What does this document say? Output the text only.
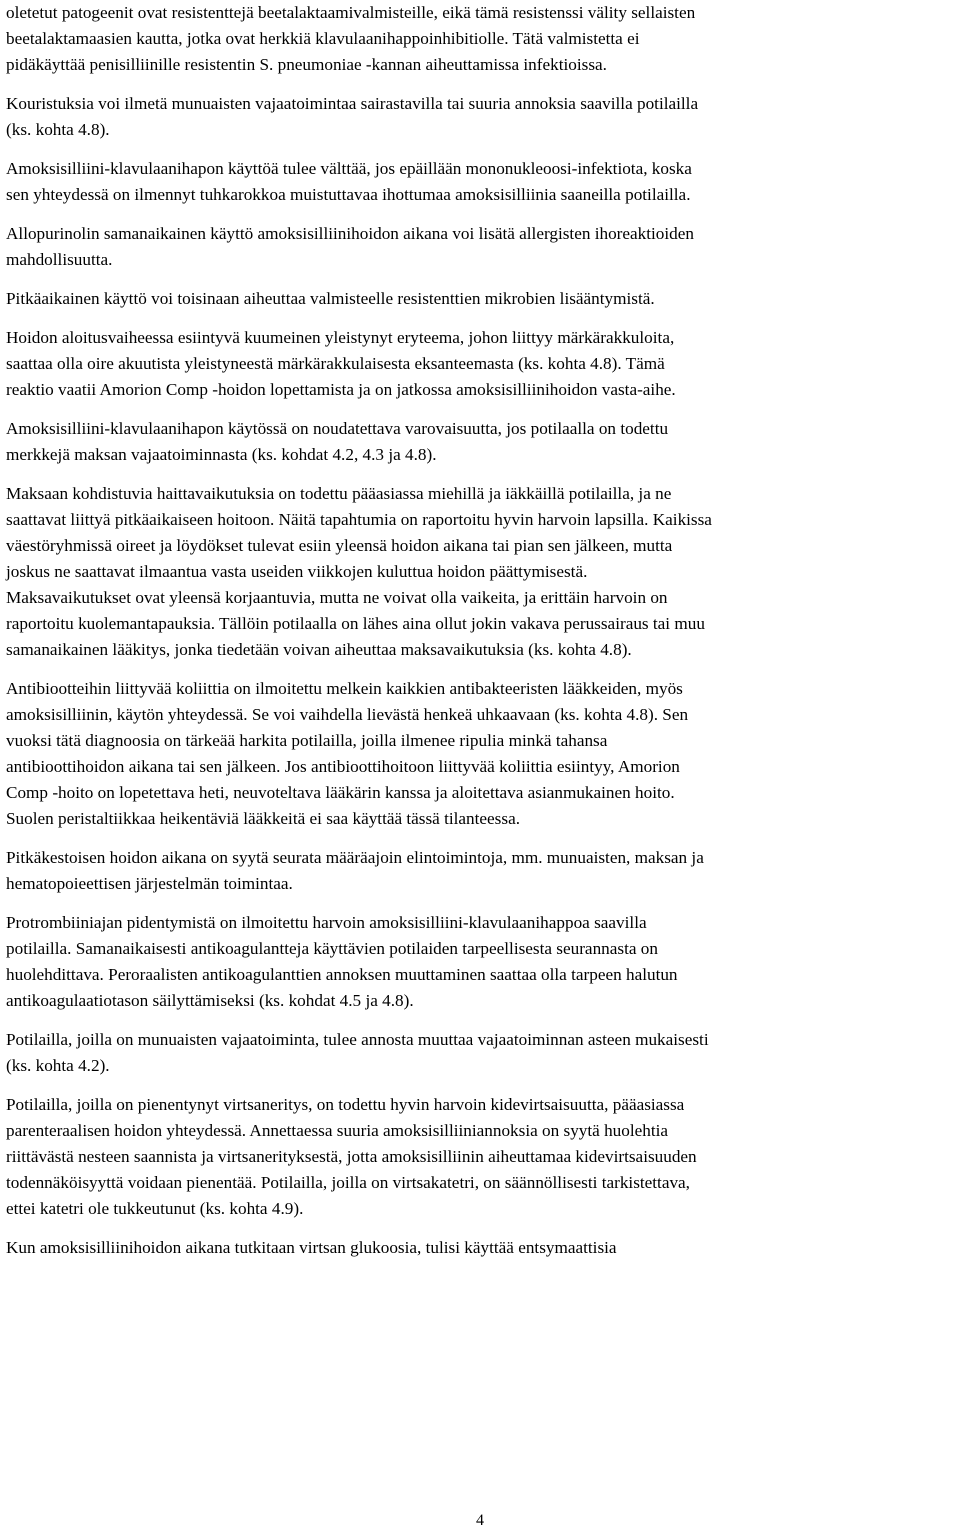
oletetut patogeenit ovat resistenttejä beetalaktaamivalmisteille, eikä tämä resistenssi välity sellaisten
beetalaktamaasien kautta, jotka ovat herkkiä klavulaanihappoinhibitiolle. Tätä valmistetta ei
pidäkäyttää penisilliinille resistentin S. pneumoniae -kannan aiheuttamissa infektioissa.

Kouristuksia voi ilmetä munuaisten vajaatoimintaa sairastavilla tai suuria annoksia saavilla potilailla
(ks. kohta 4.8).

Amoksisilliini-klavulaanihapon käyttöä tulee välttää, jos epäillään mononukleoosi-infektiota, koska
sen yhteydessä on ilmennyt tuhkarokkoa muistuttavaa ihottumaa amoksisilliinia saaneilla potilailla.

Allopurinolin samanaikainen käyttö amoksisilliinihoidon aikana voi lisätä allergisten ihoreaktioiden
mahdollisuutta.

Pitkäaikainen käyttö voi toisinaan aiheuttaa valmisteelle resistenttien mikrobien lisääntymistä.

Hoidon aloitusvaiheessa esiintyvä kuumeinen yleistynyt eryteema, johon liittyy märkärakkuloita,
saattaa olla oire akuutista yleistyneestä märkärakkulaisesta eksanteemasta (ks. kohta 4.8). Tämä
reaktio vaatii Amorion Comp -hoidon lopettamista ja on jatkossa amoksisilliinihoidon vasta-aihe.

Amoksisilliini-klavulaanihapon käytössä on noudatettava varovaisuutta, jos potilaalla on todettu
merkkejä maksan vajaatoiminnasta (ks. kohdat 4.2, 4.3 ja 4.8).

Maksaan kohdistuvia haittavaikutuksia on todettu pääasiassa miehillä ja iäkkäillä potilailla, ja ne
saattavat liittyä pitkäaikaiseen hoitoon. Näitä tapahtumia on raportoitu hyvin harvoin lapsilla. Kaikissa
väestöryhmissä oireet ja löydökset tulevat esiin yleensä hoidon aikana tai pian sen jälkeen, mutta
joskus ne saattavat ilmaantua vasta useiden viikkojen kuluttua hoidon päättymisestä.

Maksavaikutukset ovat yleensä korjaantuvia, mutta ne voivat olla vaikeita, ja erittäin harvoin on
raportoitu kuolemantapauksia. Tällöin potilaalla on lähes aina ollut jokin vakava perussairaus tai muu
samanaikainen lääkitys, jonka tiedetään voivan aiheuttaa maksavaikutuksia (ks. kohta 4.8).

Antibiootteihin liittyvää koliittia on ilmoitettu melkein kaikkien antibakteeristen lääkkeiden, myös
amoksisilliinin, käytön yhteydessä. Se voi vaihdella lievästä henkeä uhkaavaan (ks. kohta 4.8). Sen
vuoksi tätä diagnoosia on tärkeää harkita potilailla, joilla ilmenee ripulia minkä tahansa
antibioottihoidon aikana tai sen jälkeen. Jos antibioottihoitoon liittyvää koliittia esiintyy, Amorion
Comp -hoito on lopetettava heti, neuvoteltava lääkärin kanssa ja aloitettava asianmukainen hoito.
Suolen peristaltiikkaa heikentäviä lääkkeitä ei saa käyttää tässä tilanteessa.

Pitkäkestoisen hoidon aikana on syytä seurata määräajoin elintoimintoja, mm. munuaisten, maksan ja
hematopoieettisen järjestelmän toimintaa.

Protrombiiniajan pidentymistä on ilmoitettu harvoin amoksisilliini-klavulaanihappoa saavilla
potilailla. Samanaikaisesti antikoagulantteja käyttävien potilaiden tarpeellisesta seurannasta on
huolehdittava. Peroraalisten antikoagulanttien annoksen muuttaminen saattaa olla tarpeen halutun
antikoagulaatiotason säilyttämiseksi (ks. kohdat 4.5 ja 4.8).

Potilailla, joilla on munuaisten vajaatoiminta, tulee annosta muuttaa vajaatoiminnan asteen mukaisesti
(ks. kohta 4.2).

Potilailla, joilla on pienentynyt virtsaneritys, on todettu hyvin harvoin kidevirtsaisuutta, pääasiassa
parenteraalisen hoidon yhteydessä. Annettaessa suuria amoksisilliiniannoksia on syytä huolehtia
riittävästä nesteen saannista ja virtsanerityksestä, jotta amoksisilliinin aiheuttamaa kidevirtsaisuuden
todennäköisyyttä voidaan pienentää. Potilailla, joilla on virtsakatetri, on säännöllisesti tarkistettava,
ettei katetri ole tukkeutunut (ks. kohta 4.9).

Kun amoksisilliinihoidon aikana tutkitaan virtsan glukoosia, tulisi käyttää entsymaattisia

4
